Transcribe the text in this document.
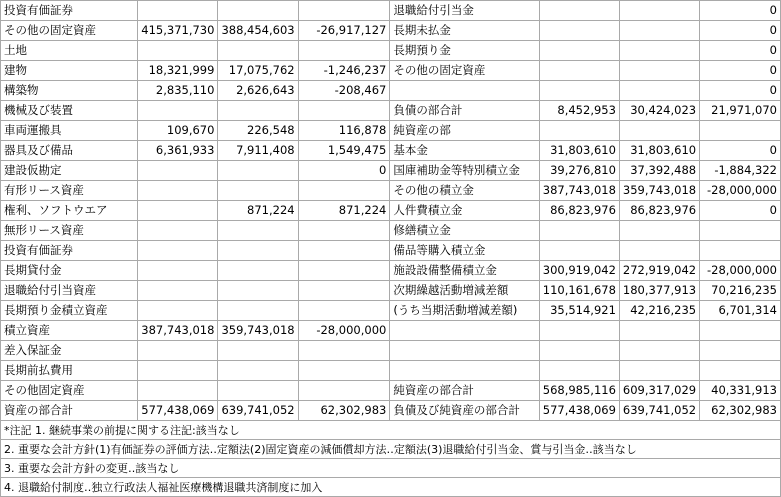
投資有価証券				退職給付引当金			0
その他の固定資産	415,371,730	388,454,603	-26,917,127	長期未払金			0
土地				長期預り金			0
建物	18,321,999	17,075,762	-1,246,237	その他の固定資産			0
構築物	2,835,110	2,626,643	-208,467				0
機械及び装置				負債の部合計	8,452,953	30,424,023	21,971,070
車両運搬具	109,670	226,548	116,878	純資産の部			
器具及び備品	6,361,933	7,911,408	1,549,475	基本金	31,803,610	31,803,610	0
建設仮勘定			0	国庫補助金等特別積立金	39,276,810	37,392,488	-1,884,322
有形リース資産				その他の積立金	387,743,018	359,743,018	-28,000,000
権利、ソフトウエア		871,224	871,224	人件費積立金	86,823,976	86,823,976	0
無形リース資産				修繕積立金			
投資有価証券				備品等購入積立金			
長期貸付金				施設設備整備積立金	300,919,042	272,919,042	-28,000,000
退職給付引当資産				次期繰越活動増減差額	110,161,678	180,377,913	70,216,235
長期預り金積立資産				(うち当期活動増減差額)	35,514,921	42,216,235	6,701,314
積立資産	387,743,018	359,743,018	-28,000,000				
差入保証金							
長期前払費用							
その他固定資産				純資産の部合計	568,985,116	609,317,029	40,331,913
資産の部合計	577,438,069	639,741,052	62,302,983	負債及び純資産の部合計	577,438,069	639,741,052	62,302,983
*注記 1. 継続事業の前提に関する注記:該当なし
2. 重要な会計方針(1)有価証券の評価方法‥定額法(2)固定資産の減価償却方法‥定額法(3)退職給付引当金、賞与引当金‥該当なし
3. 重要な会計方針の変更‥該当なし
4. 退職給付制度‥独立行政法人福祉医療機構退職共済制度に加入
